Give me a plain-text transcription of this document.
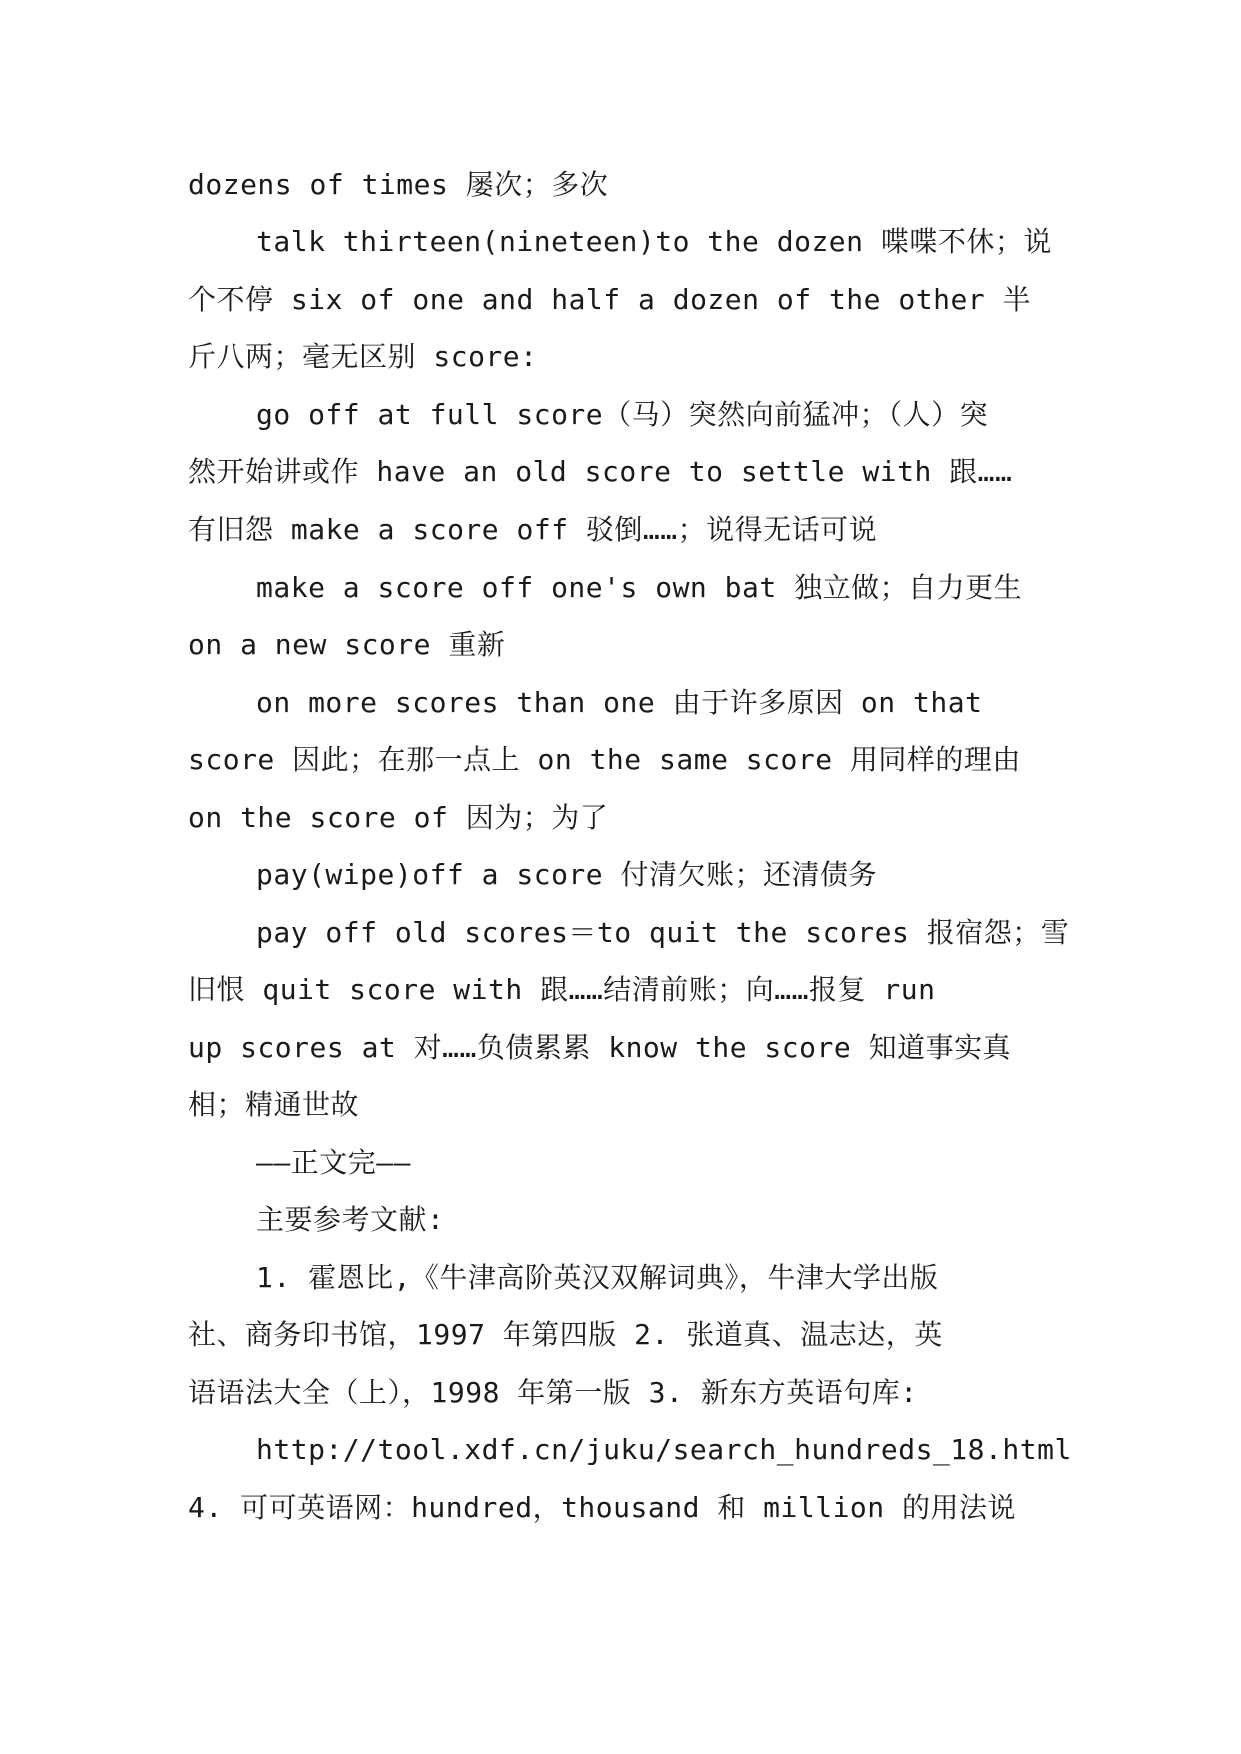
dozens of times 屡次；多次
talk thirteen(nineteen)to the dozen 喋喋不休；说
个不停 six of one and half a dozen of the other 半
斤八两；毫无区别 score:
go off at full score（马）突然向前猛冲；（人）突
然开始讲或作 have an old score to settle with 跟……
有旧怨 make a score off 驳倒……；说得无话可说
make a score off one's own bat 独立做；自力更生
on a new score 重新
on more scores than one 由于许多原因 on that
score 因此；在那一点上 on the same score 用同样的理由
on the score of 因为；为了
pay(wipe)off a score 付清欠账；还清债务
pay off old scores＝to quit the scores 报宿怨；雪
旧恨 quit score with 跟……结清前账；向……报复 run
up scores at 对……负债累累 know the score 知道事实真
相；精通世故
——正文完——
主要参考文献:
1. 霍恩比,《牛津高阶英汉双解词典》，牛津大学出版
社、商务印书馆，1997 年第四版 2. 张道真、温志达，英
语语法大全（上），1998 年第一版 3. 新东方英语句库:
http://tool.xdf.cn/juku/search_hundreds_18.html
4. 可可英语网：hundred，thousand 和 million 的用法说
